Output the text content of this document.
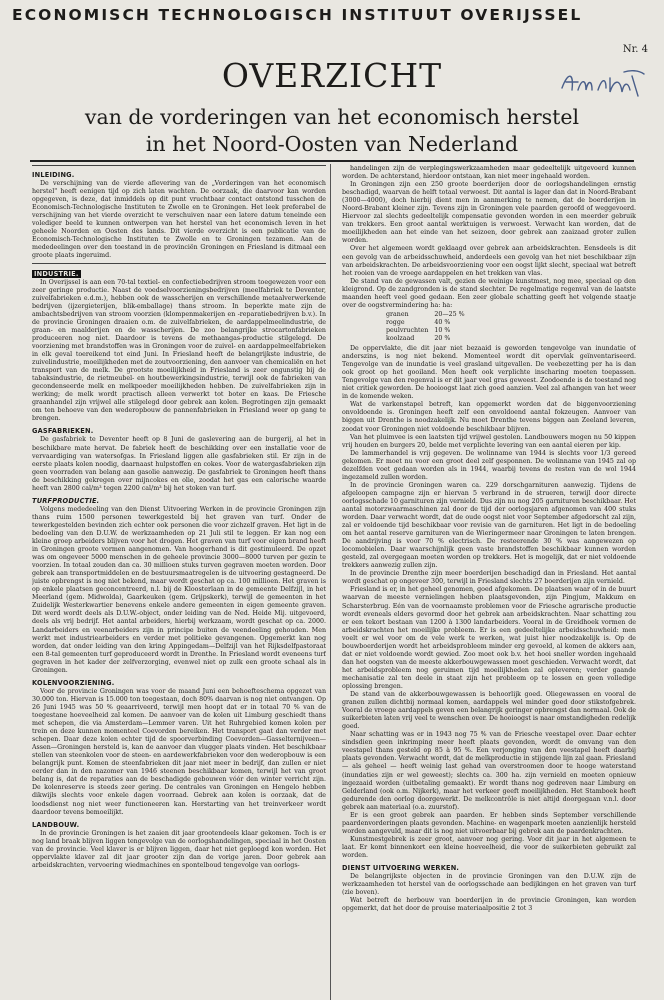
ECONOMISCH TECHNOLOGISCH INSTITUUT OVERIJSSEL
Nr. 4
OVERZICHT
van de vorderingen van het economisch herstel
in het Noord-Oosten van Nederland
INLEIDING.

De verschijning van de vierde aflevering van de „Vorderingen van het economisch herstel" heeft eenigen tijd op zich laten wachten. De oorzaak, die daarvoor kan worden opgegeven, is deze, dat inmiddels op dit punt vruchtbaar contact ontstond tusschen de Economisch-Technologische Instituten te Zwolle en te Groningen. Het leek preferabel de verschijning van het vierde overzicht te verschuiven naar een latere datum teneinde een volediger beeld te kunnen ontwerpen van het herstel van het economisch leven in het geheele Noorden en Oosten des lands. Dit vierde overzicht is een publicatie van de Economisch-Technologische Instituten te Zwolle en te Groningen tezamen. Aan de mededeelingen over den toestand in de provinciën Groningen en Friesland is ditmaal een groote plaats ingeruimd.

INDUSTRIE.

In Overijssel is aan een 70-tal textiel- en confectiebedrijven stroom toegewezen voor een zeer geringe productie. Naast de voedselvoorzieningsbedrijven (meelfabriek te Deventer, zuivelfabrieken e.d.m.), hebben ook de wasscherijen en verschillende metaalverwerkende bedrijven (ijzergieterijen, blik-emballage) thans stroom. In beperkte mate zijn de ambachtsbedrijven van stroom voorzien (klompenmakerijen en -reparatiebedrijven b.v.). In de provincie Groningen draaien o.m. de zuivelfabrieken, de aardappelmeelindustrie, de graan- en maalderijen en de wasscherijen. De zoo belangrijke strocartonfabrieken produceeren nog niet. Daardoor is tevens de methaangas-productie stilgelegd. De voorziening met brandstoffen was in Groningen voor de zuivel- en aardappelmeelfabrieken in elk geval toereikend tot eind Juni. In Friesland heeft de belangrijkste industrie, de zuivelindustrie, moeilijkheden met de zoutvoorziening, den aanvoer van chemicaliën en het transport van de melk. De grootste moeilijkheid in Friesland is zeer ongunstig bij de tabaksindustrie, de rietmeubel- en houtbewerkingsindustrie, terwijl ook de fabrieken van gecondenseerde melk en melkpoeder moeilijkheden hebben. De zuivelfabrieken zijn in werking; de melk wordt practisch alleen verwerkt tot boter en kaas. De Friesche graanhandel zijn vrijwel alle stilgelegd door gebrek aan kolen. Begrotingen zijn gemaakt om ten behoeve van den wederopbouw de pannenfabrieken in Friesland weer op gang te brengen.

GASFABRIEKEN.

De gasfabriek te Deventer heeft op 8 Juni de gaslevering aan de burgerij, al het in beschikbare mate hervat. De fabriek heeft de beschikking over een installatie voor de vervaardiging van watersofgas. In Friesland liggen alle gasfabrieken stil. Er zijn in de eerste plaats kolen noodig, daarnaast hulpstoffen en cokes. Voor de watergasfabrieken zijn geen voorraden van belang aan gasolie aanwezig. De gasfabriek te Groningen heeft thans de beschikking gekregen over mijncokes en olie, zoodat het gas een calorische waarde heeft van 2800 cal/m³ tegen 2200 cal/m³ bij het stoken van turf.

TURFPRODUCTIE.

Volgens mededeeling van den Dienst Uitvoering Werken in de provincie Groningen zijn thans ruim 1500 personen tewerkgesteld bij het graven van turf. Onder de tewerkgestelden bevinden zich echter ook personen die voor zichzelf graven. Het ligt in de bedoeling van den D.U.W. de werkzaamheden op 21 Juli stil te leggen. Er kan nog een kleine groep arbeiders blijven voor het drogen. Het graven van turf voor eigen brand heeft in Groningen groote vormen aangenomen. Van hoogerhand is dit gestimuleerd. De opzet was om ongeveer 5000 menschen in de geheele provincie 3000—8000 turven per gezin te voorzien. In totaal zouden dan ca. 30 millioen stuks turven gegraven moeten worden. Door gebrek aan transportmiddelen en de bestuursmaatregelen is de uitvoering gestagneerd. De juiste opbrengst is nog niet bekend, maar wordt geschat op ca. 100 millioen. Het graven is op enkele plaatsen geconcentreerd, n.l. bij de Kloosterlaan in de gemeente Delfzijl, in het Meerland (gem. Midwolda), Gaarkeuken (gem. Grijpskerk), terwijl de gemeenten in het Zuidelijk Westerkwartier benevens enkele andere gemeenten in eigen gemeente graven. Dit werd wordt deels als D.U.W.-object, onder leiding van de Ned. Heide Mij. uitgevoerd, deels als vrij bedrijf. Het aantal arbeiders, hierbij werkzaam, wordt geschat op ca. 2000. Landarbeiders en veenarbeiders zijn in principe buiten de veendeeling gehouden. Men werkt met industriearbeiders en verder met politieke gevangenen. Opgemerkt kan nog worden, dat onder leiding van den kring Appingedam—Delfzijl van het Rijksdelfpastoraat een 8-tal gemeenten turf geproduceerd wordt in Drenthe. In Friesland wordt eveneens turf gegraven in het kader der zelfverzorging, evenwel niet op zulk een groote schaal als in Groningen.

KOLENVOORZIENING.

Voor de provincie Groningen was voor de maand Juni een behoefteschema opgezet van 30.000 ton. Hiervan is 15.000 ton toegestaan, doch 80% daarvan is nog niet ontvangen. Op 26 Juni 1945 was 50 % geaarriveerd, terwijl men hoopt dat er in totaal 70 % van de toegestane hoeveelheid zal komen. De aanvoer van de kolen uit Limburg geschiedt thans met schepen, die via Amsterdam—Lemmer varen. Uit het Ruhrgebied komen kolen per trein en deze kunnen momenteel Coevorden bereiken. Het transport gaat dan verder met schepen. Daar deze kolen echter tijd de spoorverbinding Coevorden—Gasselternijveen—Assen—Groningen hersteld is, kan de aanvoer dan vlugger plaats vinden. Het beschikbaar stellen van steenkolen voor de steen- en aardewerkfabrieken voor den wederopbouw is een belangrijk punt. Komen de steenfabrieken dit jaar niet meer in bedrijf, dan zullen er niet eerder dan in den nazomer van 1946 steenen beschikbaar komen, terwijl het van groot belang is, dat de reparaties aan de beschadigde gebouwen vóór den winter verricht zijn. De kolenreserve is steeds zeer gering. De centrales van Groningen en Hengelo hebben dikwijls slechts voor enkele dagen voorraad. Gebrek aan kolen is oorzaak, dat de loodsdienst nog niet weer functioneeren kan. Herstarting van het treinverkeer wordt daardoor tevens bemoeilijkt.

LANDBOUW.

In de provincie Groningen is het zaaien dit jaar grootendeels klaar gekomen. Toch is er nog land braak blijven liggen tengevolge van de oorlogshandelingen, speciaal in het Oosten van de provincie. Veel klaver is er blijven liggen, daar het niet geploegd kon worden. Het oppervlakte klaver zal dit jaar grooter zijn dan de vorige jaren. Door gebrek aan arbeidskrachten, vervoering wiedmachines en spontelboud tengevolge van oorlogs-

handelingen zijn de verplegingswerkzaamheden maar gedeeltelijk uitgevoerd kunnen worden. De achterstand, hierdoor ontstaan, kan niet meer ingehaald worden.

In Groningen zijn een 250 groote boerderijen door de oorlogshandelingen ernstig beschadigd, waarvan de helft totaal verwoest. Dit aantal is lager dan dat in Noord-Brabant (3000—4000), doch hierbij dient men in aanmerking te nemen, dat de boerderijen in Noord-Brabant kleiner zijn. Tevens zijn in Groningen vele paarden geroofd of weggevoerd. Hiervoor zal slechts gedeeltelijk compensatie gevonden worden in een meerder gebruik van trekkers. Een groot aantal werktuigen is verwoest. Verwacht kan worden, dat de moeilijkheden aan het einde van het seizoen, door gebrek aan zaaizaad groter zullen worden.

Over het algemeen wordt geklaagd over gebrek aan arbeidskrachten. Eensdeels is dit een gevolg van de arbeidsschuwheid, anderdeels een gevolg van het niet beschikbaar zijn van arbeidskrachten. De arbeidsvoorziening voor een oogst lijkt slecht, speciaal wat betreft het rooien van de vroege aardappelen en het trekken van vlas.

De stand van de gewassen valt, gezien de weinige kunstmest, nog mee, speciaal op den kleigrond. Op de zandgronden is de stand slechter. De regelmatige regenval van de laatste maanden heeft veel goed gedaan. Een zeer globale schatting geeft het volgende staatje over de oogstvermindering ha: ha:

granen	20—25 %
rogge	40 %
peulvruchten	10 %
koolzaad	20 %

De oppervlakte, die dit jaar niet bezaaid is geworden tengevolge van inundatie of anderszins, is nog niet bekend. Momenteel wordt dit opervlak geïnventariseerd. Tengevolge van de inundatie is veel grasland uitgevallen. De veebezetting per ha is dan ook groot op het gooiland. Men heeft ook verplichte inscharing moeten toepassen. Tengevolge van den regenval is er dit jaar veel gras geweest. Zoodoende is de toestand nog niet critiek geworden. De hooioogst laat zich goed aanzien. Veel zal afhangen van het weer in de komende weken.

Wat de varkenstapel betreft, kan opgemerkt worden dat de biggenvoorziening onvoldoende is. Groningen heeft zelf een onvoldoend aantal fokzeugen. Aanvoer van biggen uit Drenthe is noodzakelijk. Nu moet Drenthe tevens biggen aan Zeeland leveren, zoodat voor Groningen niet voldoende beschikbaar blijven.

Van het pluimvee is een laatsten tijd vrijwel gestolen. Landbouwers mogen nu 50 kippen vrij houden en burgers 20, belde met verplichte levering van een aantal eieren per kip.

De lammerhandel is vrij gegeven. De wolinname van 1944 is slechts voor 1/3 gereed gekomen. Er moet nu voor een groot deel zelf gesponnen. De wolinname van 1945 zal op dezelfden voet gedaan worden als in 1944, waarbij tevens de resten van de wol 1944 ingezameld zullen worden.

In de provincie Groningen waren ca. 229 dorschgarnituren aanwezig. Tijdens de afgeloopen campagne zijn er hiervan 5 verbrand in de strueren, terwijl door directe oorlogsschade 10 garnituren zijn vernield. Dus zijn nu nog 205 garnituren beschikbaar. Het aantal motorzwaarmaschinen zal door de tijd der oorlogsjaren afgenomen van 400 stuks worden. Daar verwacht wordt, dat de oude oogst niet voor September afgedorscht zal zijn, zal er voldoende tijd beschikbaar voor revisie van de garnituren. Het ligt in de bedoeling om het aantal reserve garnituren van de Wieringermeer naar Groningen te laten brengen. De aandrijving is voor 70 % electrisch. De resteerende 30 % was aangewezen op locomobielen. Daar waarschijnlijk geen vaste brandstoffen beschikbaar kunnen worden gesteld, zal overgegaan moeten worden op trekkers. Het is mogelijk, dat er niet voldoende trekkers aanwezig zullen zijn.

In de provincie Drenthe zijn meer boerderijen beschadigd dan in Friesland. Het aantal wordt geschat op ongeveer 300, terwijl in Friesland slechts 27 boerderijen zijn vernield.

Friesland is er, in het geheel genomen, goed afgekomen. De plaatsen waar of in de buurt waarvan de meeste vernielingen hebben plaatsgevonden, zijn Pingjum, Makkum en Scharsterbrug. Eén van de voornaamste problemen voor de Friesche agrarische productie wordt eveneals elders gevormd door het gebrek aan arbeidskrachten. Naar schatting zou er een tekort bestaan van 1200 à 1300 landarbeiders. Vooral in de Greidhoek vormen de arbeidskrachten het moeilijke probleem. Er is een gedeeltelijke arbeidsschuwheid: men voelt er wel voor om de vele werk te werken, wat juist hier noodzakelijk is. Op de bouwboerderijen wordt het arbeidsprobleem minder erg gevoeld, al komen de akkers aan, dat er niet voldoende wordt gewied. Zoo moet ook b.v. het hooi sneller worden ingehaald dan het oogsten van de meeste akkerbouwgewassen moet geschieden. Verwacht wordt, dat het arbeidsprobleem nog geruimen tijd moeilijkheden zal opleveren; verder gaande mechanisatie zal ten deele in staat zijn het probleem op te lossen en geen volledige oplossing brengen.

De stand van de akkerbouwgewassen is behoorlijk goed. Oliegewassen en vooral de granen zullen dichtbij normaal komen, aardappels wel minder goed door stikstofgebrek. Vooral de vroege aardappels geven een belangrijk geringer opbrengst dan normaal. Ook de suikerbieten laten vrij veel te wenschen over. De hooioogst is naar omstandigheden redelijk goed.

Naar schatting was er in 1943 nog 75 % van de Friesche veestapel over. Daar echter sindsdien geen inkrimping meer heeft plaats gevonden, wordt de omvang van den veestapel thans gesteld op 85 à 95 %. Een verjonging van den veestapel heeft daarbij plaats gevonden. Verwacht wordt, dat de melkproductie in stijgende lijn zal gaan. Friesland — als geheel — heeft weinig last gehad van overstroomen door te hooge waterstand (inundaties zijn er wel geweest); slechts ca. 300 ha. zijn vernield en moeten opnieuw ingezaaid worden (uitbetaling gemaakt). Er wordt thans nog gedreven naar Limburg en Gelderland (ook o.m. Nijkerk), maar het verkeer geeft moeilijkheden. Het Stamboek heeft gedurende den oorlog doorgewerkt. De melkcontrôle is niet altijd doorgegaan v.n.l. door gebrek aan materiaal (o.a. zuurstof).

Er is een groot gebrek aan paarden. Er hebben sinds September verschillende paardenvorderingen plaats gevonden. Machine- en wagenpark moeten aanzienlijk hersteld worden aangevuld, maar dit is nog niet uitvoerbaar bij gebrek aan de paardenkrachten.

Kunstmestgebrek is zeer groot, aanvoer nog gering. Voor dit jaar in het algemeen te laat. Er komt binnenkort een kleine hoeveelheid, die voor de suikerbieten gebruikt zal worden.

DIENST UITVOERING WERKEN.

De belangrijkste objecten in de provincie Groningen van den D.U.W. zijn de werkzaamheden tot herstel van de oorlogsschade aan bedijkingen en het graven van turf (zie boven).

Wat betreft de herbouw van boerderijen in de provincie Groningen, kan worden opgemerkt, dat het door de prouise materiaalpositie 2 tot 3
